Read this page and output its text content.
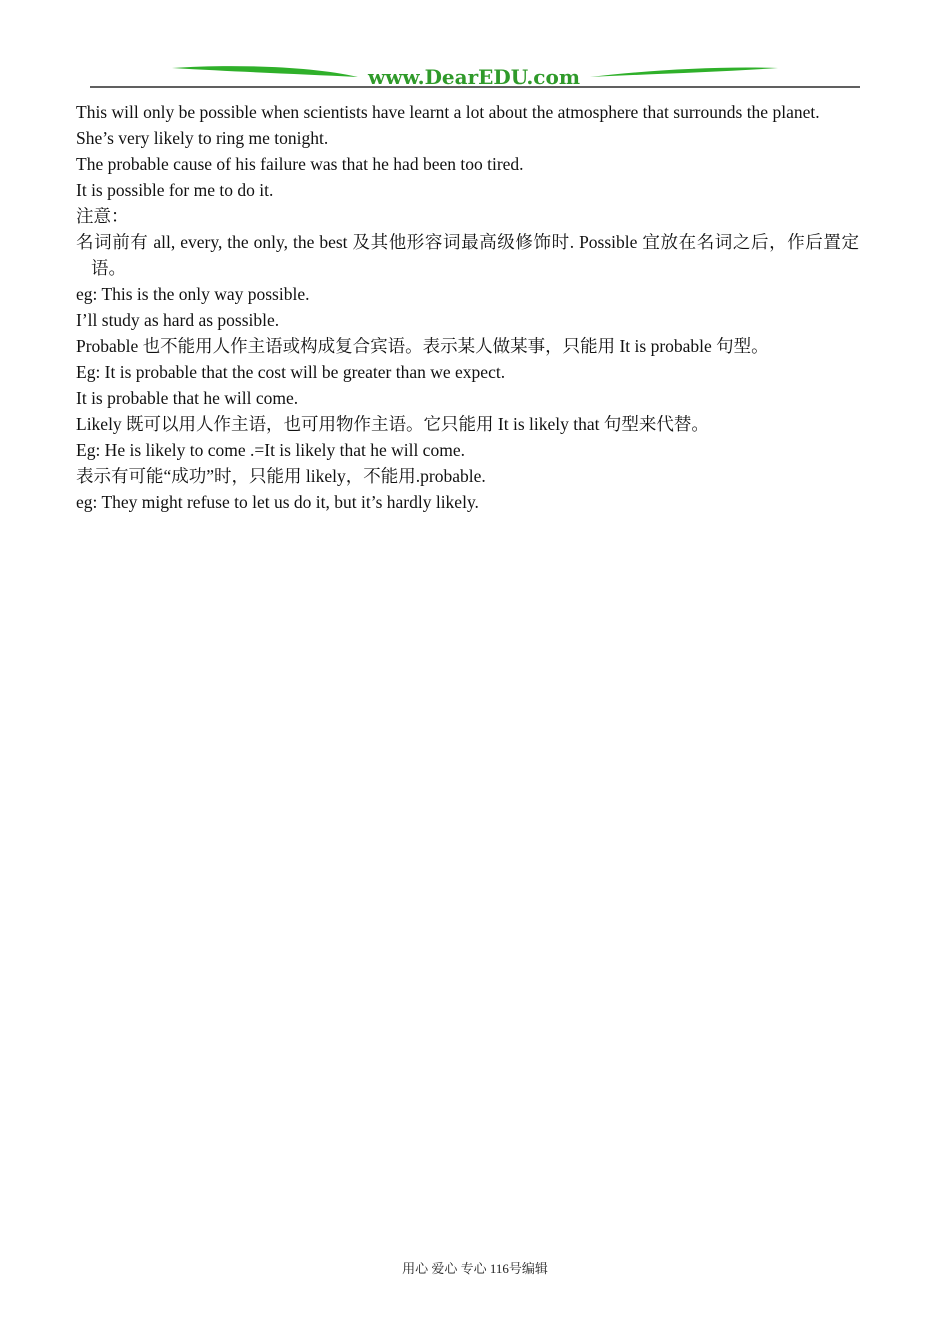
www.DearEDU.com

This will only be possible when scientists have learnt a lot about the atmosphere that surrounds the planet.

She’s very likely to ring me tonight.

The probable cause of his failure was that he had been too tired.

It is possible for me to do it.

注意：

名词前有 all, every, the only, the best 及其他形容词最高级修饰时. Possible 宜放在名词之后，作后置定语。

eg: This is the only way possible.

I’ll study as hard as possible.

Probable 也不能用人作主语或构成复合宾语。表示某人做某事，只能用 It is probable 句型。

Eg: It is probable that the cost will be greater than we expect.

It is probable that he will come.

Likely 既可以用人作主语，也可用物作主语。它只能用 It is likely that 句型来代替。

Eg: He is likely to come .=It is likely that he will come.

表示有可能“成功”时，只能用 likely，不能用.probable.

eg: They might refuse to let us do it, but it’s hardly likely.

用心 爱心 专心 116号编辑
